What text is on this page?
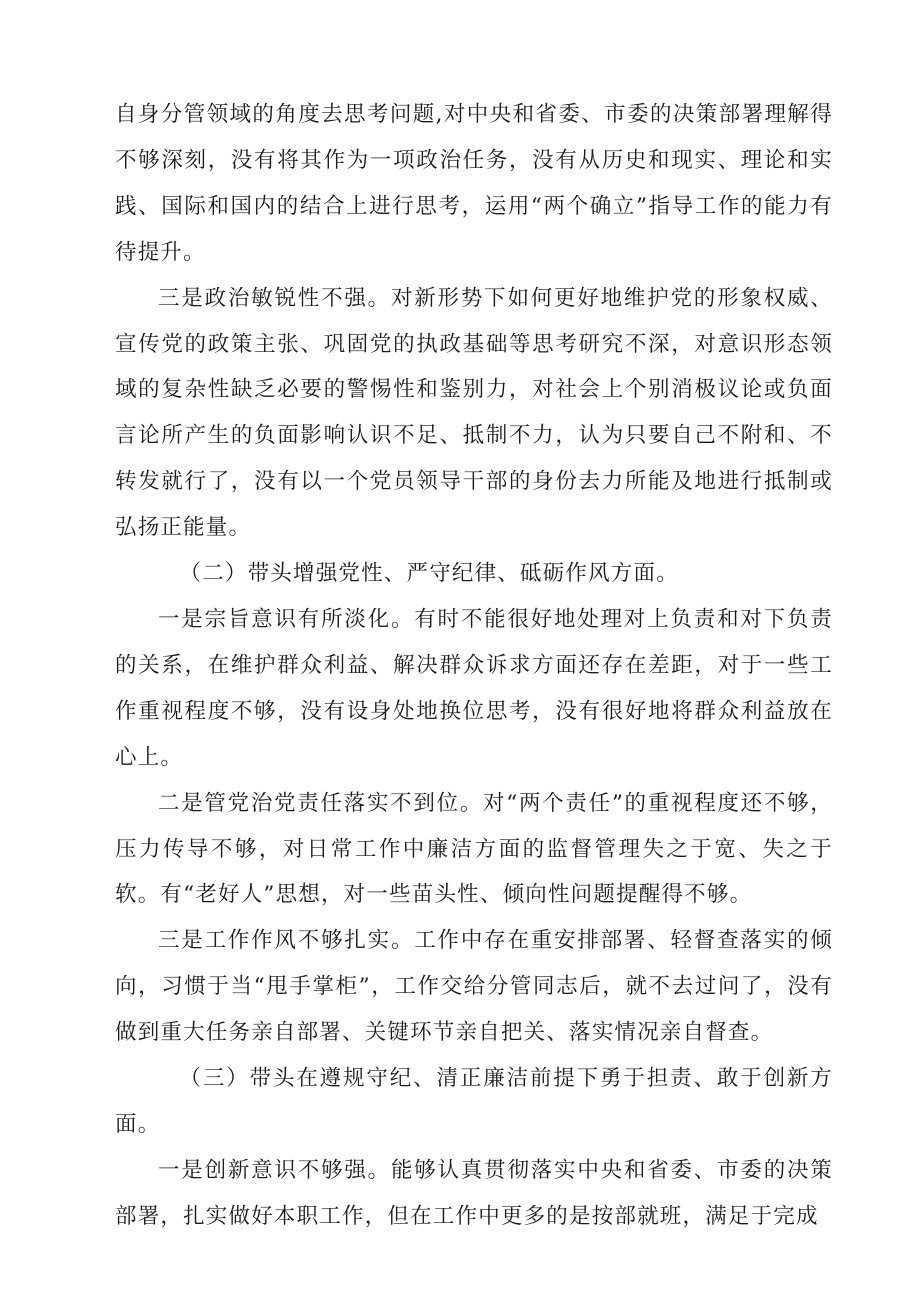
自身分管领域的角度去思考问题,对中央和省委、市委的决策部署理解得不够深刻，没有将其作为一项政治任务，没有从历史和现实、理论和实践、国际和国内的结合上进行思考，运用“两个确立”指导工作的能力有待提升。

三是政治敏锐性不强。对新形势下如何更好地维护党的形象权威、宣传党的政策主张、巩固党的执政基础等思考研究不深，对意识形态领域的复杂性缺乏必要的警惕性和鉴别力，对社会上个别消极议论或负面言论所产生的负面影响认识不足、抵制不力，认为只要自己不附和、不转发就行了，没有以一个党员领导干部的身份去力所能及地进行抵制或弘扬正能量。

（二）带头增强党性、严守纪律、砥砺作风方面。

一是宗旨意识有所淡化。有时不能很好地处理对上负责和对下负责的关系，在维护群众利益、解决群众诉求方面还存在差距，对于一些工作重视程度不够，没有设身处地换位思考，没有很好地将群众利益放在心上。

二是管党治党责任落实不到位。对“两个责任”的重视程度还不够，压力传导不够，对日常工作中廉洁方面的监督管理失之于宽、失之于软。有“老好人”思想，对一些苗头性、倾向性问题提醒得不够。

三是工作作风不够扎实。工作中存在重安排部署、轻督查落实的倾向，习惯于当“甩手掌柜”，工作交给分管同志后，就不去过问了，没有做到重大任务亲自部署、关键环节亲自把关、落实情况亲自督查。

（三）带头在遵规守纪、清正廉洁前提下勇于担责、敢于创新方面。

一是创新意识不够强。能够认真贯彻落实中央和省委、市委的决策部署，扎实做好本职工作，但在工作中更多的是按部就班，满足于完成
